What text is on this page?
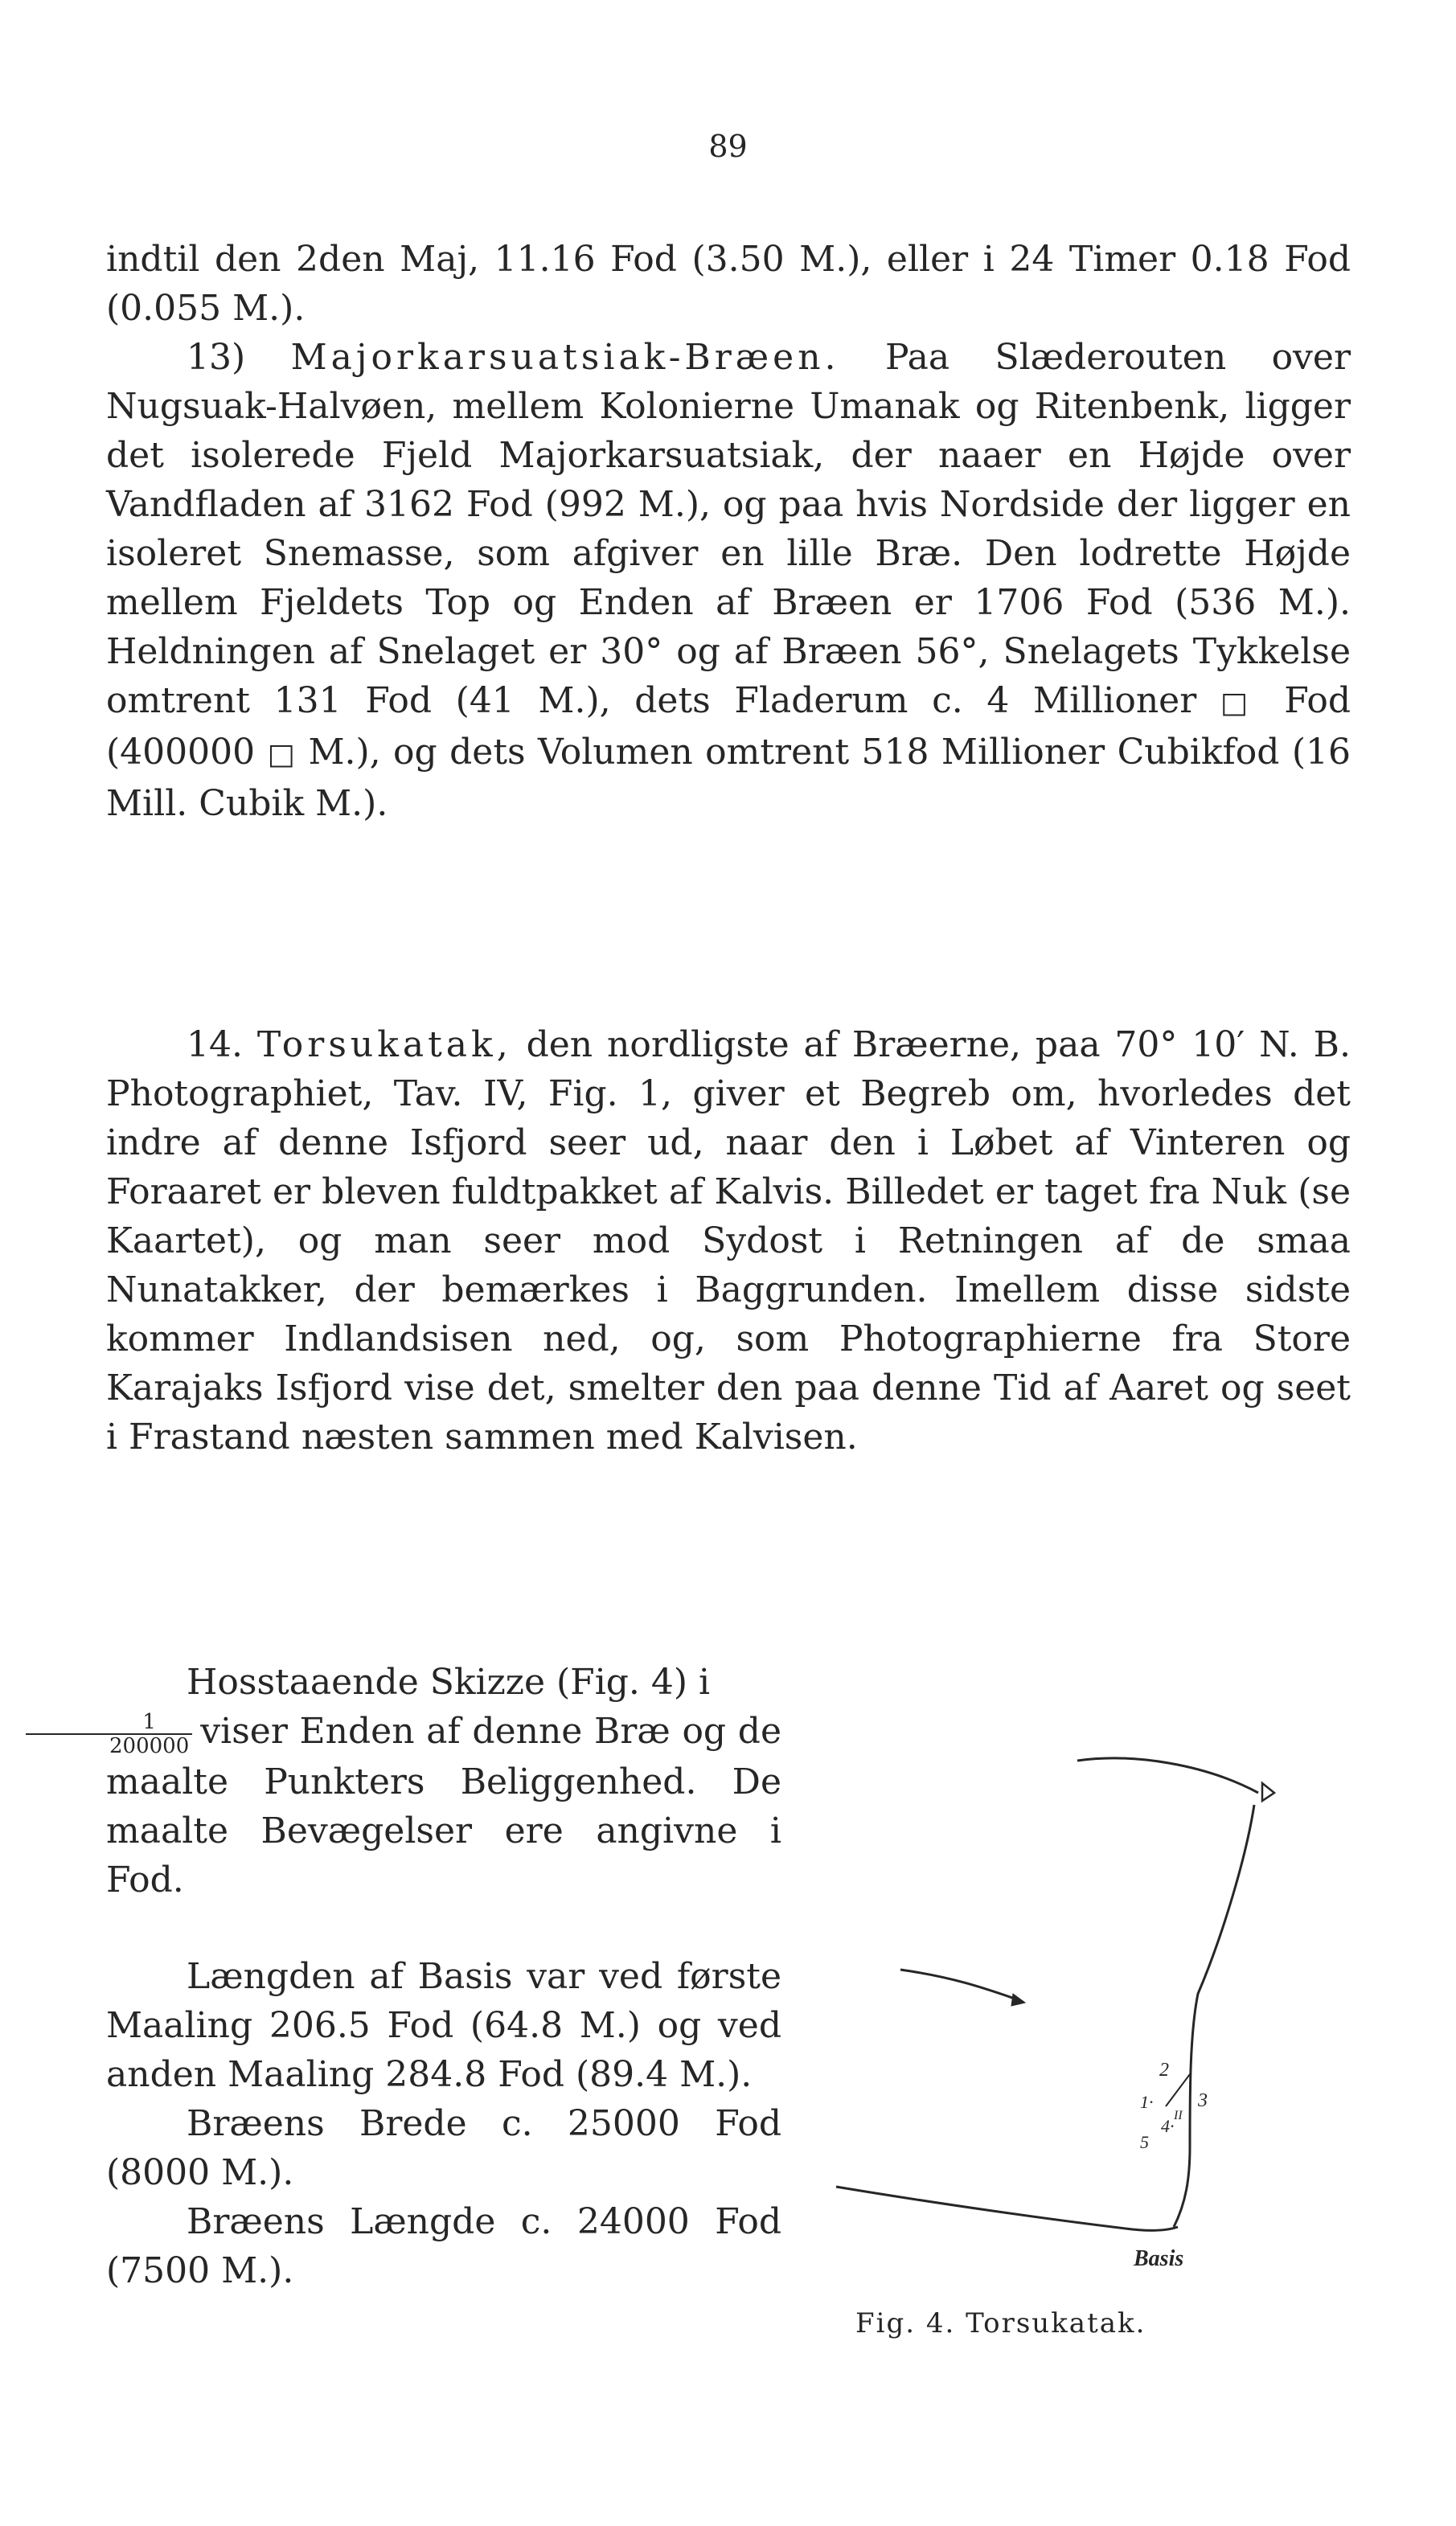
89

indtil den 2den Maj, 11.16 Fod (3.50 M.), eller i 24 Timer 0.18 Fod (0.055 M.).

13) Majorkarsuatsiak-Bræen. Paa Slæderouten over Nugsuak-Halvøen, mellem Kolonierne Umanak og Ritenbenk, ligger det isolerede Fjeld Majorkarsuatsiak, der naaer en Højde over Vandfladen af 3162 Fod (992 M.), og paa hvis Nordside der ligger en isoleret Snemasse, som afgiver en lille Bræ. Den lodrette Højde mellem Fjeldets Top og Enden af Bræen er 1706 Fod (536 M.). Heldningen af Snelaget er 30° og af Bræen 56°, Snelagets Tykkelse omtrent 131 Fod (41 M.), dets Fladerum c. 4 Millioner □ Fod (400000 □ M.), og dets Volumen omtrent 518 Millioner Cubikfod (16 Mill. Cubik M.).

14. Torsukatak, den nordligste af Bræerne, paa 70° 10′ N. B. Photographiet, Tav. IV, Fig. 1, giver et Begreb om, hvorledes det indre af denne Isfjord seer ud, naar den i Løbet af Vinteren og Foraaret er bleven fuldtpakket af Kalvis. Billedet er taget fra Nuk (se Kaartet), og man seer mod Sydost i Retningen af de smaa Nunatakker, der bemærkes i Baggrunden. Imellem disse sidste kommer Indlandsisen ned, og, som Photographierne fra Store Karajaks Isfjord vise det, smelter den paa denne Tid af Aaret og seet i Frastand næsten sammen med Kalvisen.

Hosstaaende Skizze (Fig. 4) i

$\frac{1}{200000}$ viser Enden af denne Bræ og de maalte Punkters Beliggenhed. De maalte Bevægelser ere angivne i Fod.

Længden af Basis var ved første Maaling 206.5 Fod (64.8 M.) og ved anden Maaling 284.8 Fod (89.4 M.).

Bræens Brede c. 25000 Fod (8000 M.).

Bræens Længde c. 24000 Fod (7500 M.).

2
1· 3
II
4·
5
Basis
Fig. 4. Torsukatak.
